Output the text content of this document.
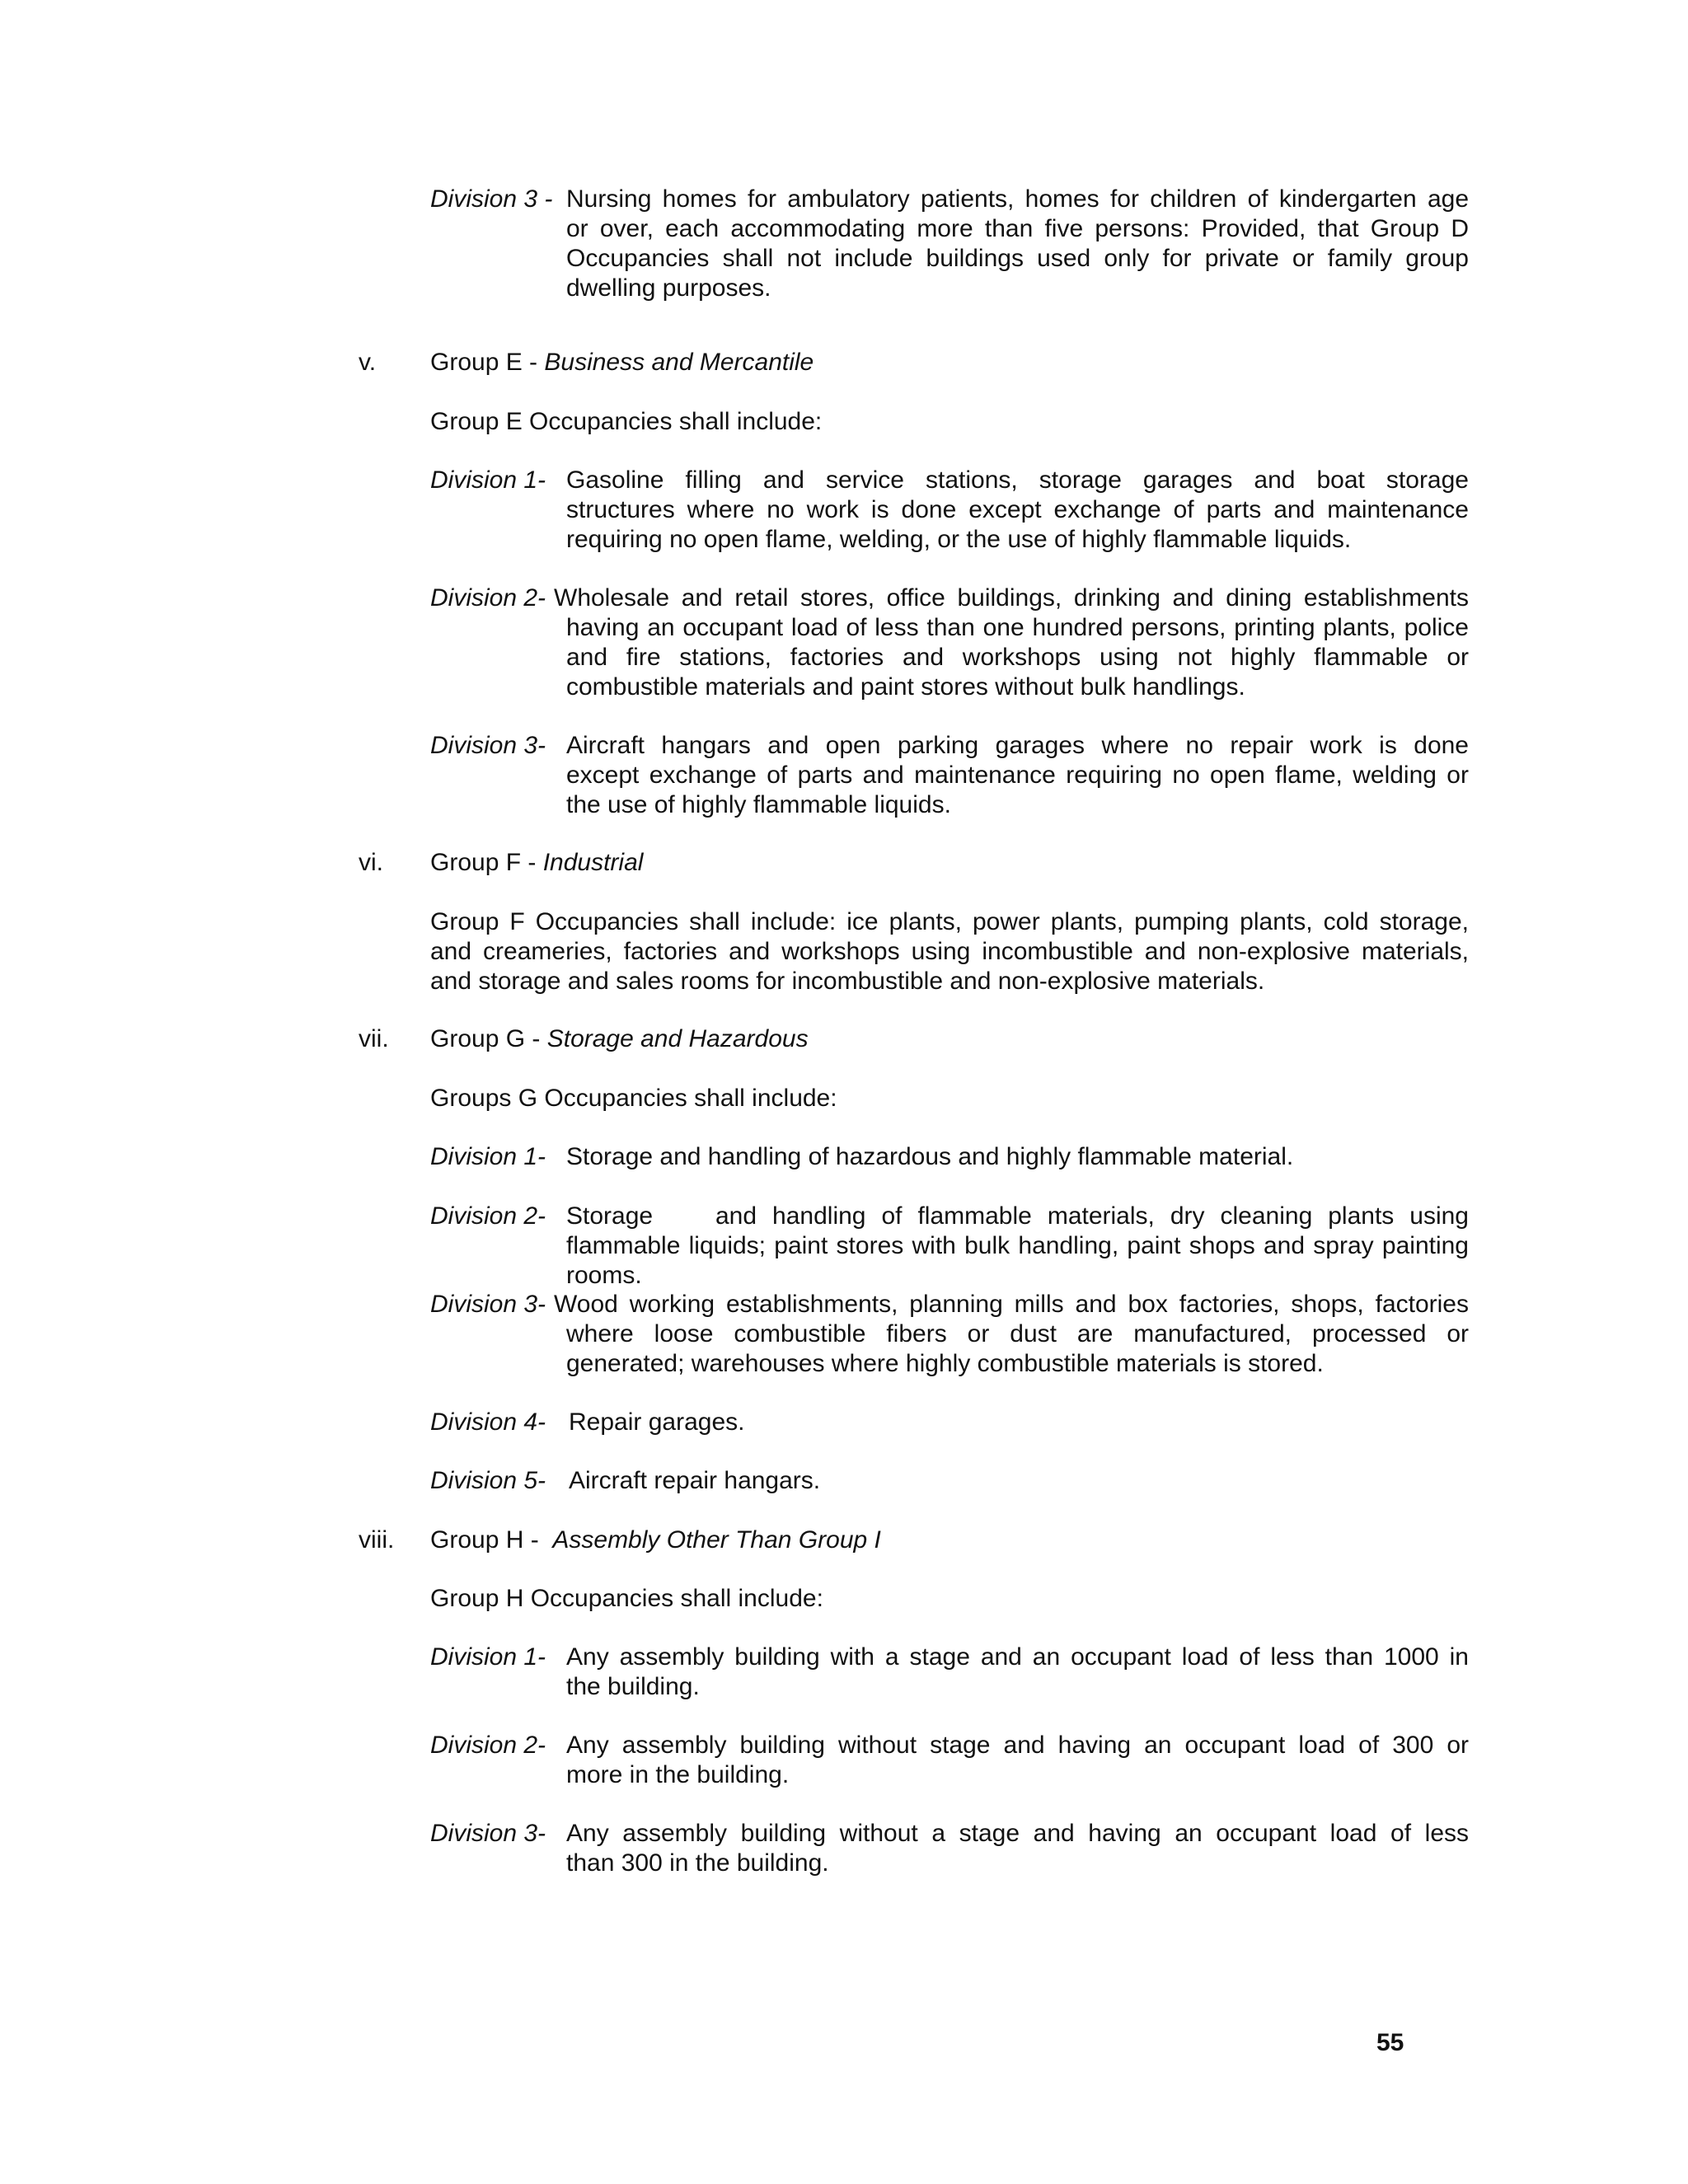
Division 3 - Nursing homes for ambulatory patients, homes for children of kindergarten age
or over, each accommodating more than five persons: Provided, that Group D Occupancies shall not include buildings used only for private or family group dwelling purposes.
v. Group E - Business and Mercantile
Group E Occupancies shall include:
Division 1- Gasoline filling and service stations, storage garages and boat storage
structures where no work is done except exchange of parts and maintenance requiring no open flame, welding, or the use of highly flammable liquids.
Division 2- Wholesale and retail stores, office buildings, drinking and dining establishments
having an occupant load of less than one hundred persons, printing plants, police and fire stations, factories and workshops using not highly flammable or combustible materials and paint stores without bulk handlings.
Division 3- Aircraft hangars and open parking garages where no repair work is done
except exchange of parts and maintenance requiring no open flame, welding or the use of highly flammable liquids.
vi. Group F - Industrial
Group F Occupancies shall include: ice plants, power plants, pumping plants, cold storage, and creameries, factories and workshops using incombustible and non-explosive materials, and storage and sales rooms for incombustible and non-explosive materials.
vii. Group G - Storage and Hazardous
Groups G Occupancies shall include:
Division 1- Storage and handling of hazardous and highly flammable material.
Division 2- Storage    and handling of flammable materials, dry cleaning plants using
flammable liquids; paint stores with bulk handling, paint shops and spray painting rooms.
Division 3- Wood working establishments, planning mills and box factories, shops, factories
where loose combustible fibers or dust are manufactured, processed or generated; warehouses where highly combustible materials is stored.
Division 4- Repair garages.
Division 5- Aircraft repair hangars.
viii. Group H -  Assembly Other Than Group I
Group H Occupancies shall include:
Division 1- Any assembly building with a stage and an occupant load of less than 1000 in
the building.
Division 2- Any assembly building without stage and having an occupant load of 300 or
more in the building.
Division 3- Any assembly building without a stage and having an occupant load of less
than 300 in the building.
55
